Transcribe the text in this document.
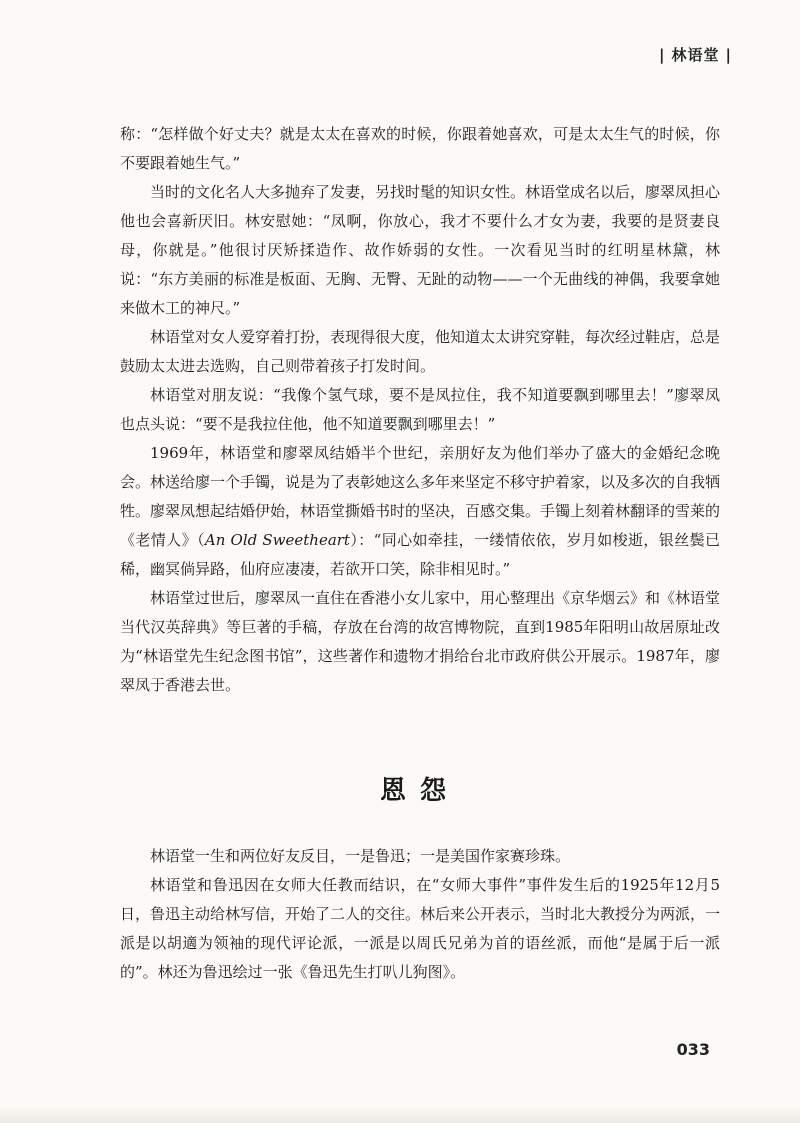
| 林语堂 |

称：“怎样做个好丈夫？就是太太在喜欢的时候，你跟着她喜欢，可是太太生气的时候，你不要跟着她生气。”

当时的文化名人大多抛弃了发妻，另找时髦的知识女性。林语堂成名以后，廖翠凤担心他也会喜新厌旧。林安慰她：“凤啊，你放心，我才不要什么才女为妻，我要的是贤妻良母，你就是。”他很讨厌矫揉造作、故作娇弱的女性。一次看见当时的红明星林黛，林说：“东方美丽的标准是板面、无胸、无臀、无趾的动物——一个无曲线的神偶，我要拿她来做木工的神尺。”

林语堂对女人爱穿着打扮，表现得很大度，他知道太太讲究穿鞋，每次经过鞋店，总是鼓励太太进去选购，自己则带着孩子打发时间。

林语堂对朋友说：“我像个氢气球，要不是凤拉住，我不知道要飘到哪里去！”廖翠凤也点头说：“要不是我拉住他，他不知道要飘到哪里去！”

1969年，林语堂和廖翠凤结婚半个世纪，亲朋好友为他们举办了盛大的金婚纪念晚会。林送给廖一个手镯，说是为了表彰她这么多年来坚定不移守护着家，以及多次的自我牺牲。廖翠凤想起结婚伊始，林语堂撕婚书时的坚决，百感交集。手镯上刻着林翻译的雪莱的《老情人》（An Old Sweetheart）：“同心如牵挂，一缕情依依，岁月如梭逝，银丝鬓已稀，幽冥倘异路，仙府应凄凄，若欲开口笑，除非相见时。”

林语堂过世后，廖翠凤一直住在香港小女儿家中，用心整理出《京华烟云》和《林语堂当代汉英辞典》等巨著的手稿，存放在台湾的故宫博物院，直到1985年阳明山故居原址改为“林语堂先生纪念图书馆”，这些著作和遗物才捐给台北市政府供公开展示。1987年，廖翠凤于香港去世。

恩怨

林语堂一生和两位好友反目，一是鲁迅；一是美国作家赛珍珠。

林语堂和鲁迅因在女师大任教而结识，在“女师大事件”事件发生后的1925年12月5日，鲁迅主动给林写信，开始了二人的交往。林后来公开表示，当时北大教授分为两派，一派是以胡適为领袖的现代评论派，一派是以周氏兄弟为首的语丝派，而他“是属于后一派的”。林还为鲁迅绘过一张《鲁迅先生打叭儿狗图》。

033
